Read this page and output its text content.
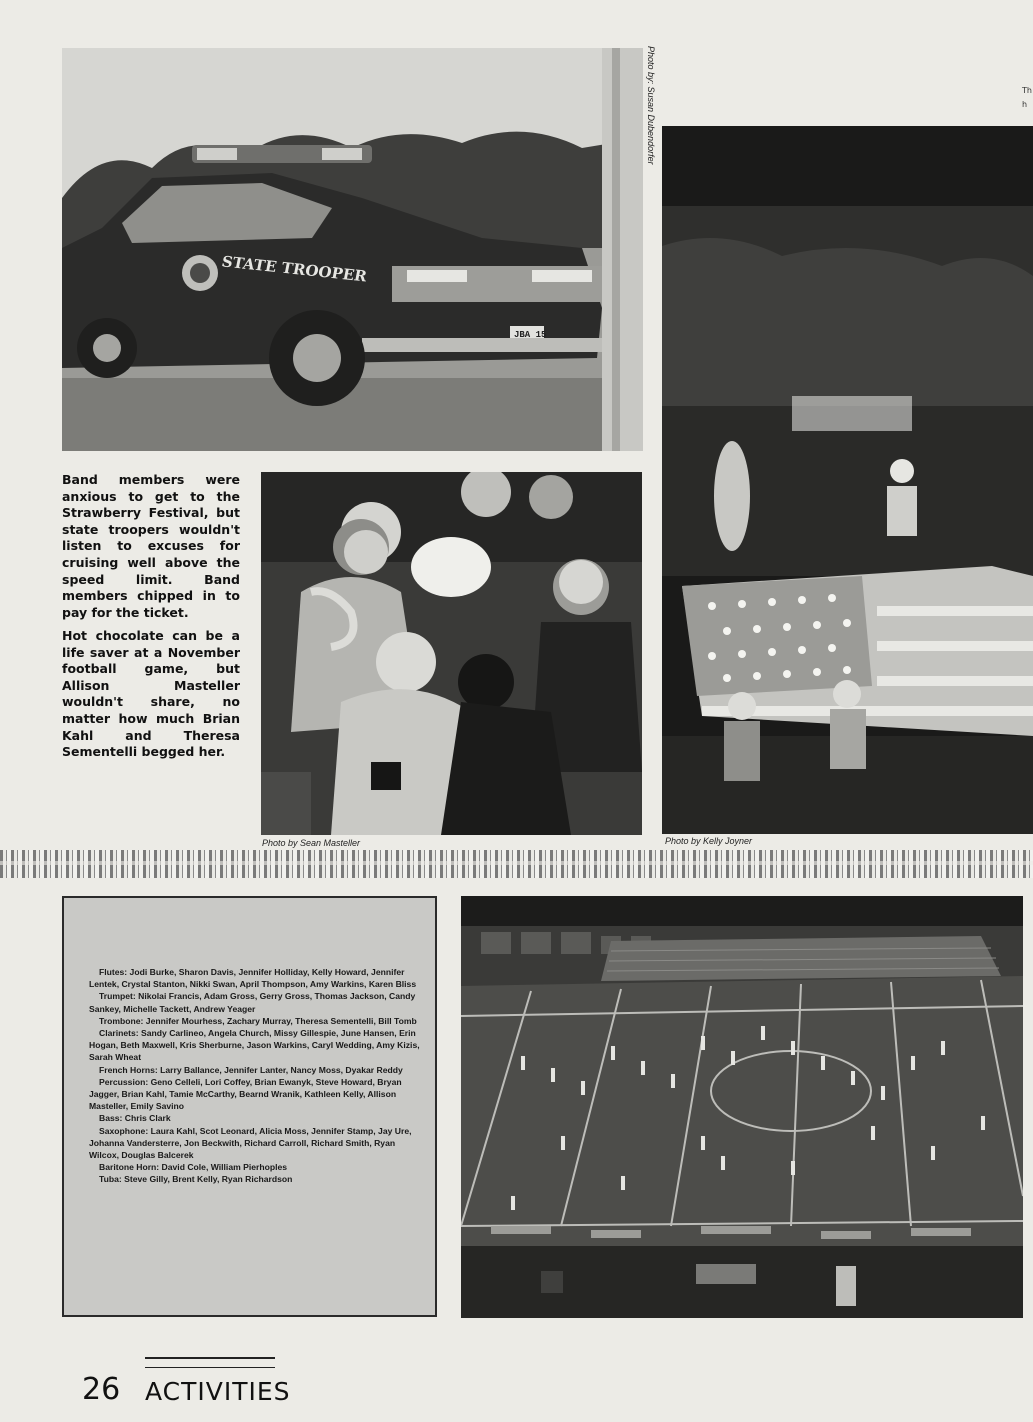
STATE TROOPER
JBA 15
Photo by: Susan Dubendorfer
Photo by Sean Masteller	Photo by Kelly Joyner
Band members were anxious to get to the Strawberry Festival, but state troopers wouldn't listen to excuses for cruising well above the speed limit. Band members chipped in to pay for the ticket.
Hot chocolate can be a life saver at a November football game, but Allison Masteller wouldn't share, no matter how much Brian Kahl and Theresa Sementelli begged her.

Flutes: Jodi Burke, Sharon Davis, Jennifer Holliday, Kelly Howard, Jennifer Lentek, Crystal Stanton, Nikki Swan, April Thompson, Amy Warkins, Karen Bliss

Trumpet: Nikolai Francis, Adam Gross, Gerry Gross, Thomas Jackson, Candy Sankey, Michelle Tackett, Andrew Yeager

Trombone: Jennifer Mourhess, Zachary Murray, Theresa Sementelli, Bill Tomb

Clarinets: Sandy Carlineo, Angela Church, Missy Gillespie, June Hansen, Erin Hogan, Beth Maxwell, Kris Sherburne, Jason Warkins, Caryl Wedding, Amy Kizis, Sarah Wheat

French Horns: Larry Ballance, Jennifer Lanter, Nancy Moss, Dyakar Reddy

Percussion: Geno Celleli, Lori Coffey, Brian Ewanyk, Steve Howard, Bryan Jagger, Brian Kahl, Tamie McCarthy, Bearnd Wranik, Kathleen Kelly, Allison Masteller, Emily Savino

Bass: Chris Clark

Saxophone: Laura Kahl, Scot Leonard, Alicia Moss, Jennifer Stamp, Jay Ure, Johanna Vandersterre, Jon Beckwith, Richard Carroll, Richard Smith, Ryan Wilcox, Douglas Balcerek

Baritone Horn: David Cole, William Pierhoples

Tuba: Steve Gilly, Brent Kelly, Ryan Richardson

26 ACTIVITIES
Th
h
